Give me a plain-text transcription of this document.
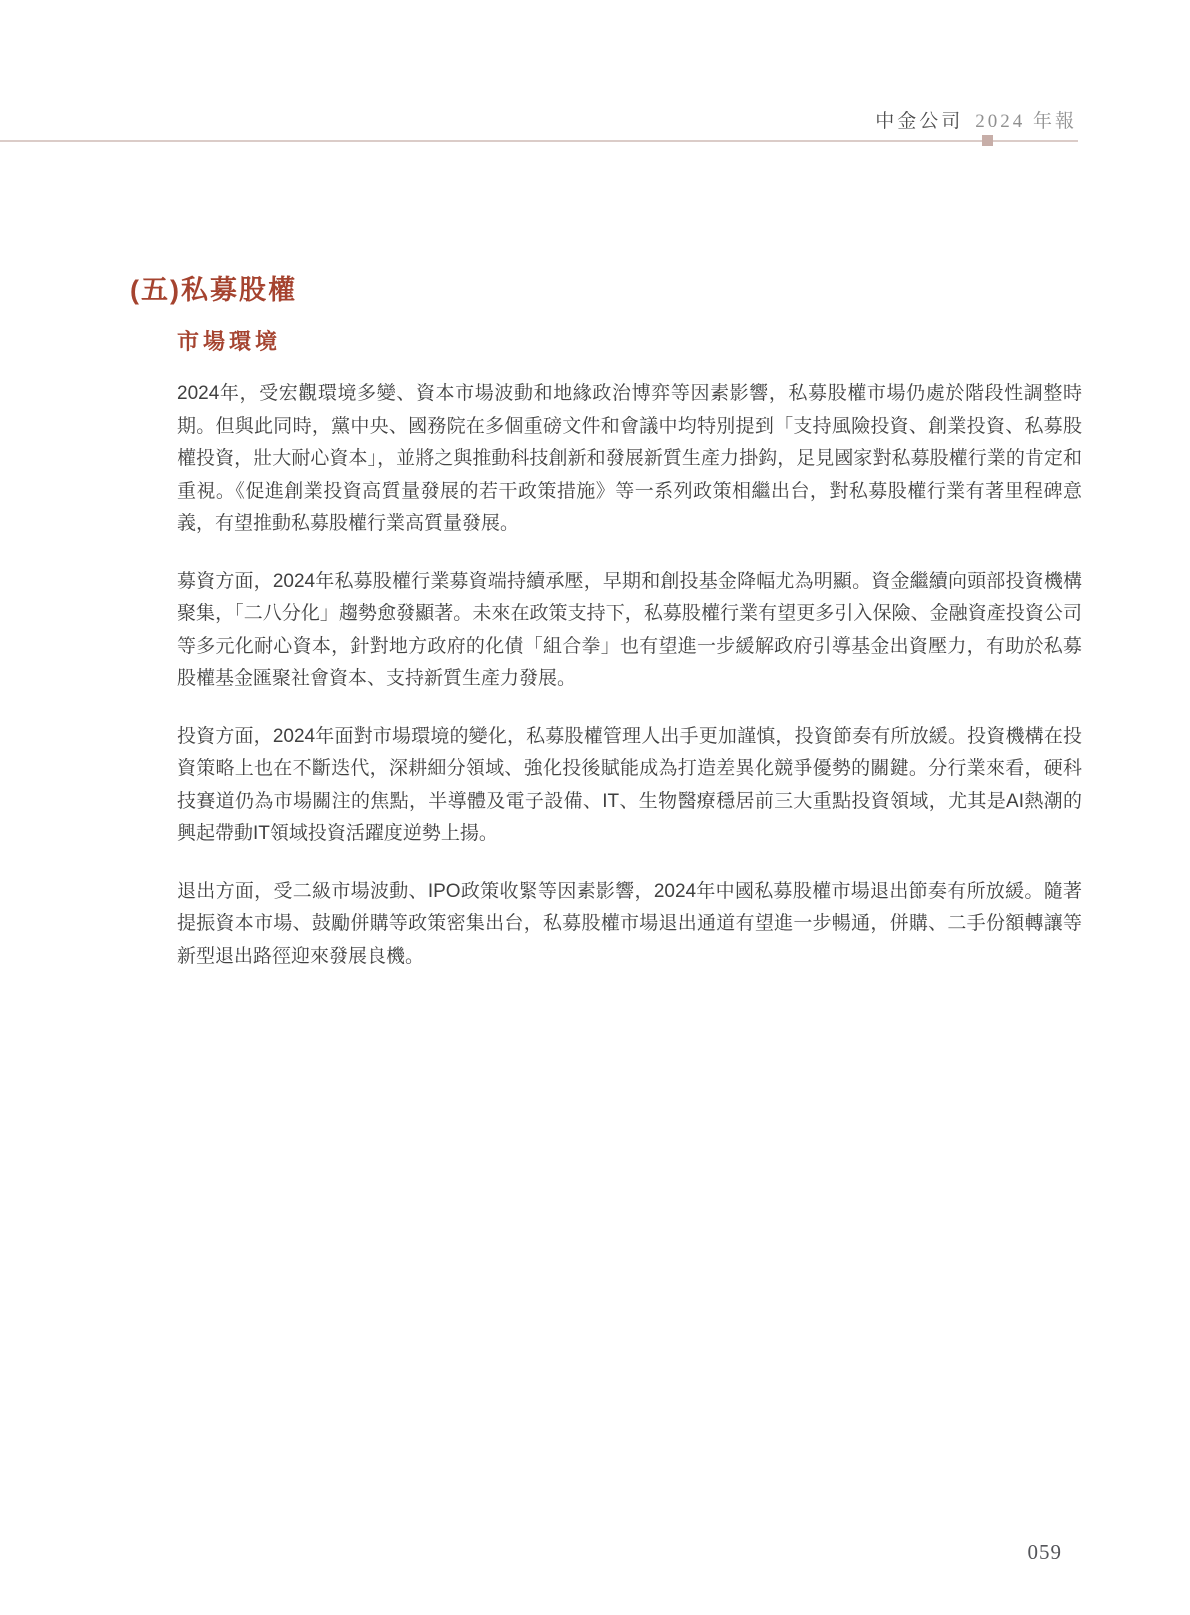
中金公司 2024 年報
(五)私募股權
市場環境

2024年，受宏觀環境多變、資本市場波動和地緣政治博弈等因素影響，私募股權市場仍處於階段性調整時期。但與此同時，黨中央、國務院在多個重磅文件和會議中均特別提到「支持風險投資、創業投資、私募股權投資，壯大耐心資本」，並將之與推動科技創新和發展新質生產力掛鈎，足見國家對私募股權行業的肯定和重視。《促進創業投資高質量發展的若干政策措施》等一系列政策相繼出台，對私募股權行業有著里程碑意義，有望推動私募股權行業高質量發展。

募資方面，2024年私募股權行業募資端持續承壓，早期和創投基金降幅尤為明顯。資金繼續向頭部投資機構聚集，「二八分化」趨勢愈發顯著。未來在政策支持下，私募股權行業有望更多引入保險、金融資產投資公司等多元化耐心資本，針對地方政府的化債「組合拳」也有望進一步緩解政府引導基金出資壓力，有助於私募股權基金匯聚社會資本、支持新質生產力發展。

投資方面，2024年面對市場環境的變化，私募股權管理人出手更加謹慎，投資節奏有所放緩。投資機構在投資策略上也在不斷迭代，深耕細分領域、強化投後賦能成為打造差異化競爭優勢的關鍵。分行業來看，硬科技賽道仍為市場關注的焦點，半導體及電子設備、IT、生物醫療穩居前三大重點投資領域，尤其是AI熱潮的興起帶動IT領域投資活躍度逆勢上揚。

退出方面，受二級市場波動、IPO政策收緊等因素影響，2024年中國私募股權市場退出節奏有所放緩。隨著提振資本市場、鼓勵併購等政策密集出台，私募股權市場退出通道有望進一步暢通，併購、二手份額轉讓等新型退出路徑迎來發展良機。

059
